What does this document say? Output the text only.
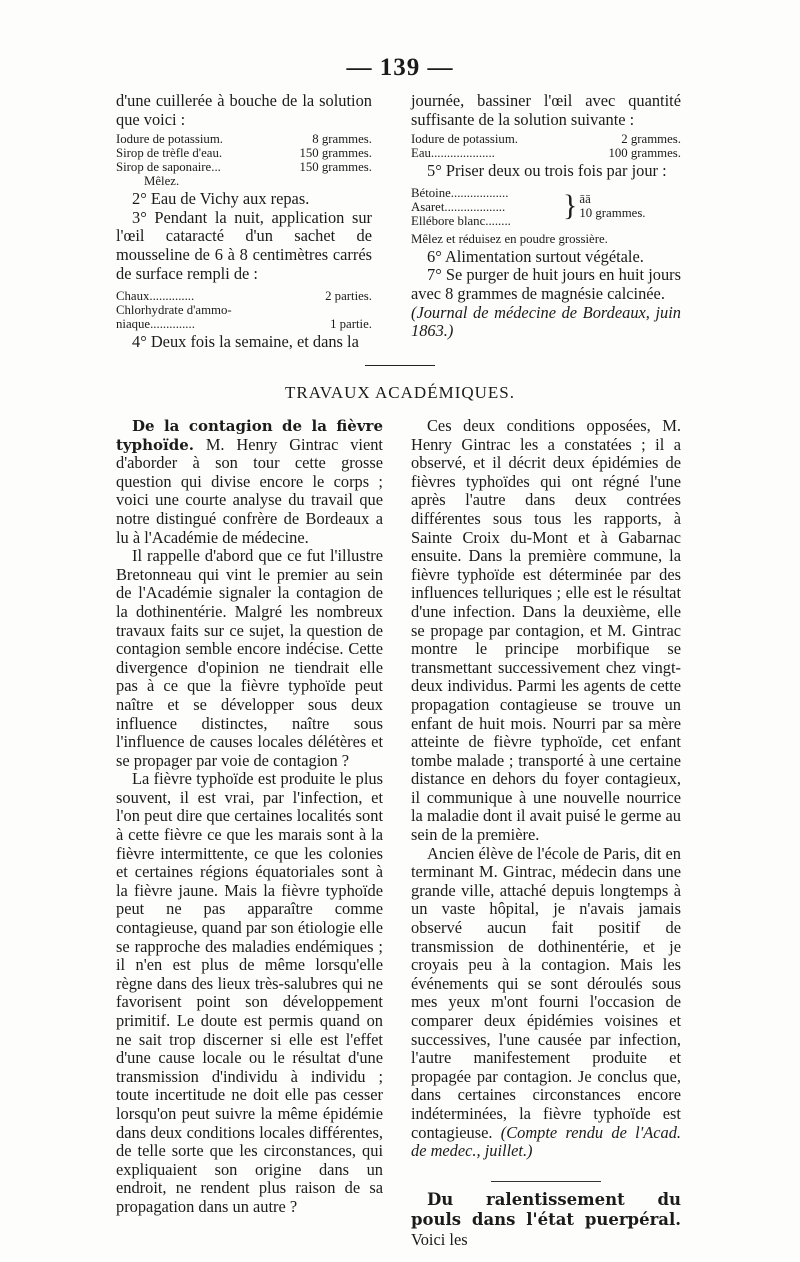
— 139 —

d'une cuillerée à bouche de la solution que voici :

Iodure de potassium.	8 grammes.
Sirop de trèfle d'eau.	150 grammes.
Sirop de saponaire...	150 grammes.
Mêlez.

2° Eau de Vichy aux repas.

3° Pendant la nuit, application sur l'œil cataracté d'un sachet de mousseline de 6 à 8 centimètres carrés de surface rempli de :

Chaux..............	2 parties.
Chlorhydrate d'ammo-
niaque..............	1 partie.

4° Deux fois la semaine, et dans la

journée, bassiner l'œil avec quantité suffisante de la solution suivante :

Iodure de potassium.	2 grammes.
Eau....................	100 grammes.

5° Priser deux ou trois fois par jour :

Bétoine..................
Asaret...................
Ellébore blanc........	} āā
10 grammes.
Mêlez et réduisez en poudre grossière.

6° Alimentation surtout végétale.

7° Se purger de huit jours en huit jours avec 8 grammes de magnésie calcinée.

(Journal de médecine de Bordeaux, juin 1863.)

TRAVAUX ACADÉMIQUES.

De la contagion de la fièvre typhoïde. M. Henry Gintrac vient d'aborder à son tour cette grosse question qui divise encore le corps ; voici une courte analyse du travail que notre distingué confrère de Bordeaux a lu à l'Académie de médecine.

Il rappelle d'abord que ce fut l'illustre Bretonneau qui vint le premier au sein de l'Académie signaler la contagion de la dothinentérie. Malgré les nombreux travaux faits sur ce sujet, la question de contagion semble encore indécise. Cette divergence d'opinion ne tiendrait elle pas à ce que la fièvre typhoïde peut naître et se développer sous deux influence distinctes, naître sous l'influence de causes locales délétères et se propager par voie de contagion ?

La fièvre typhoïde est produite le plus souvent, il est vrai, par l'infection, et l'on peut dire que certaines localités sont à cette fièvre ce que les marais sont à la fièvre intermittente, ce que les colonies et certaines régions équatoriales sont à la fièvre jaune. Mais la fièvre typhoïde peut ne pas apparaître comme contagieuse, quand par son étiologie elle se rapproche des maladies endémiques ; il n'en est plus de même lorsqu'elle règne dans des lieux très-salubres qui ne favorisent point son développement primitif. Le doute est permis quand on ne sait trop discerner si elle est l'effet d'une cause locale ou le résultat d'une transmission d'individu à individu ; toute incertitude ne doit elle pas cesser lorsqu'on peut suivre la même épidémie dans deux conditions locales différentes, de telle sorte que les circonstances, qui expliquaient son origine dans un endroit, ne rendent plus raison de sa propagation dans un autre ?

Ces deux conditions opposées, M. Henry Gintrac les a constatées ; il a observé, et il décrit deux épidémies de fièvres typhoïdes qui ont régné l'une après l'autre dans deux contrées différentes sous tous les rapports, à Sainte Croix du-Mont et à Gabarnac ensuite. Dans la première commune, la fièvre typhoïde est déterminée par des influences telluriques ; elle est le résultat d'une infection. Dans la deuxième, elle se propage par contagion, et M. Gintrac montre le principe morbifique se transmettant successivement chez vingt-deux individus. Parmi les agents de cette propagation contagieuse se trouve un enfant de huit mois. Nourri par sa mère atteinte de fièvre typhoïde, cet enfant tombe malade ; transporté à une certaine distance en dehors du foyer contagieux, il communique à une nouvelle nourrice la maladie dont il avait puisé le germe au sein de la première.

Ancien élève de l'école de Paris, dit en terminant M. Gintrac, médecin dans une grande ville, attaché depuis longtemps à un vaste hôpital, je n'avais jamais observé aucun fait positif de transmission de dothinentérie, et je croyais peu à la contagion. Mais les événements qui se sont déroulés sous mes yeux m'ont fourni l'occasion de comparer deux épidémies voisines et successives, l'une causée par infection, l'autre manifestement produite et propagée par contagion. Je conclus que, dans certaines circonstances encore indéterminées, la fièvre typhoïde est contagieuse. (Compte rendu de l'Acad. de medec., juillet.)

Du ralentissement du pouls dans l'état puerpéral. Voici les
